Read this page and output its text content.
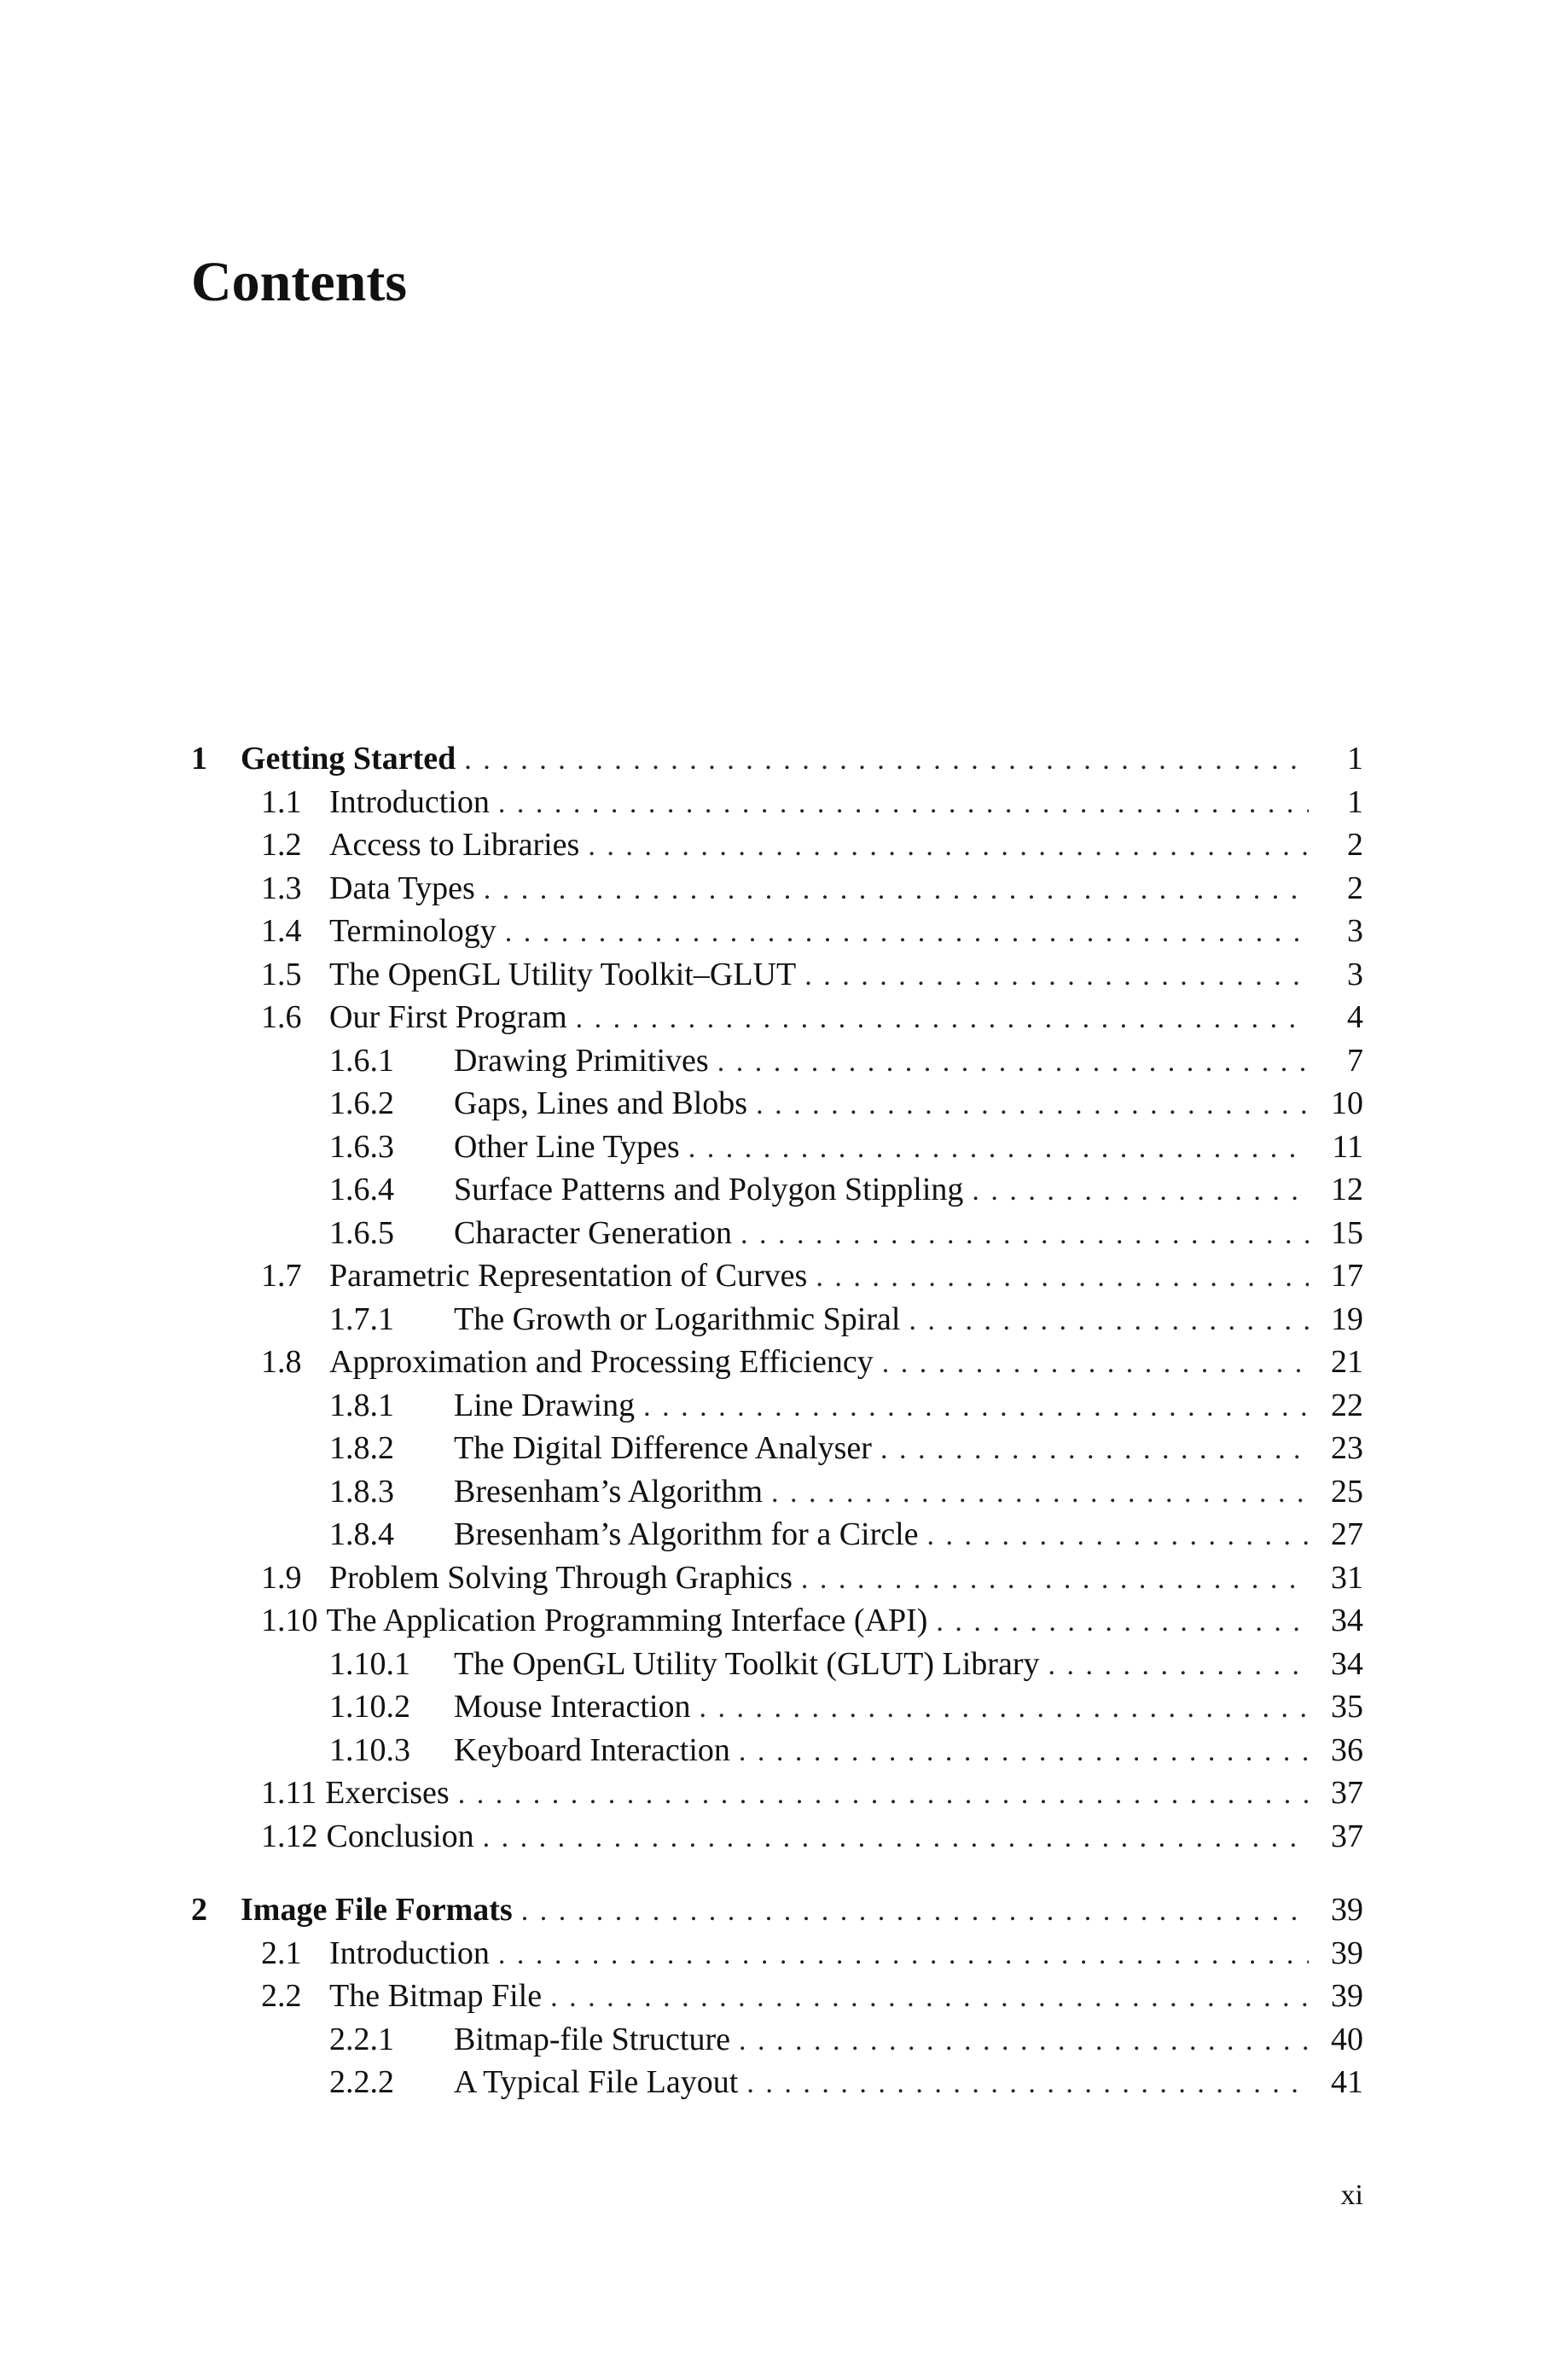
Contents
1	Getting Started . . .	1
1.1 Introduction . . .	1
1.2 Access to Libraries . . .	2
1.3 Data Types . . .	2
1.4 Terminology . . .	3
1.5 The OpenGL Utility Toolkit–GLUT . . .	3
1.6 Our First Program . . .	4
1.6.1	Drawing Primitives . . .	7
1.6.2	Gaps, Lines and Blobs . . .	10
1.6.3	Other Line Types . . .	11
1.6.4	Surface Patterns and Polygon Stippling . . .	12
1.6.5	Character Generation . . .	15
1.7 Parametric Representation of Curves . . .	17
1.7.1	The Growth or Logarithmic Spiral . . .	19
1.8 Approximation and Processing Efficiency . . .	21
1.8.1	Line Drawing . . .	22
1.8.2	The Digital Difference Analyser . . .	23
1.8.3	Bresenham’s Algorithm . . .	25
1.8.4	Bresenham’s Algorithm for a Circle . . .	27
1.9 Problem Solving Through Graphics . . .	31
1.10 The Application Programming Interface (API) . . .	34
1.10.1	The OpenGL Utility Toolkit (GLUT) Library . . .	34
1.10.2	Mouse Interaction . . .	35
1.10.3	Keyboard Interaction . . .	36
1.11 Exercises . . .	37
1.12 Conclusion . . .	37
2	Image File Formats . . .	39
2.1 Introduction . . .	39
2.2 The Bitmap File . . .	39
2.2.1	Bitmap-file Structure . . .	40
2.2.2	A Typical File Layout . . .	41
xi
